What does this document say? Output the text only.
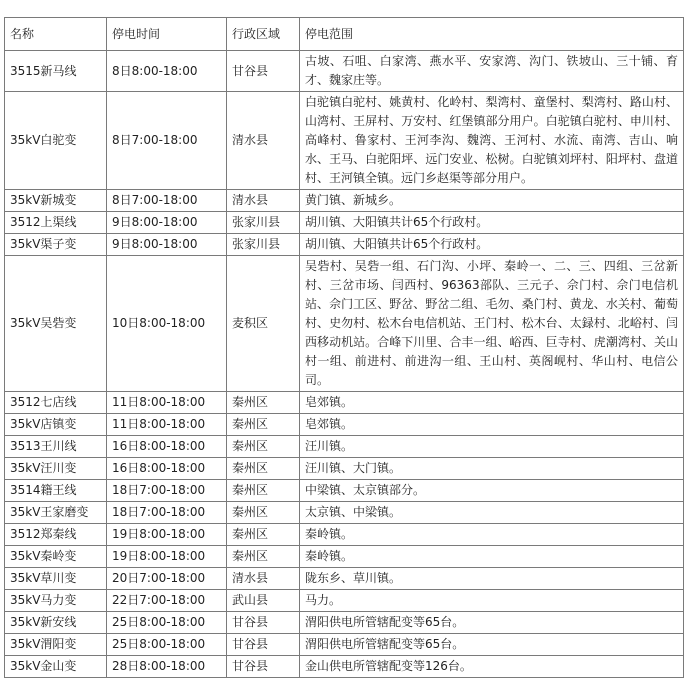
名称	停电时间	行政区域	停电范围
3515新马线	8日8:00-18:00	甘谷县	古坡、石咀、白家湾、燕水平、安家湾、沟门、铁坡山、三十铺、育才、魏家庄等。
35kV白驼变	8日7:00-18:00	清水县	白驼镇白驼村、姚黄村、化岭村、梨湾村、童堡村、梨湾村、路山村、山湾村、王屏村、万安村、红堡镇部分用户。白驼镇白驼村、申川村、高峰村、鲁家村、王河李沟、魏湾、王河村、水流、南湾、吉山、响水、王马、白驼阳坪、远门安业、松树。白驼镇刘坪村、阳坪村、盘道村、王河镇全镇。远门乡赵渠等部分用户。
35kV新城变	8日7:00-18:00	清水县	黄门镇、新城乡。
3512上渠线	9日8:00-18:00	张家川县	胡川镇、大阳镇共计65个行政村。
35kV渠子变	9日8:00-18:00	张家川县	胡川镇、大阳镇共计65个行政村。
35kV吴砦变	10日8:00-18:00	麦积区	吴砦村、吴砦一组、石门沟、小坪、秦岭一、二、三、四组、三岔新村、三岔市场、闫西村、96363部队、三元子、佘门村、佘门电信机站、佘门工区、野岔、野岔二组、毛勿、桑门村、黄龙、水关村、葡萄村、史勿村、松木台电信机站、王门村、松木台、太録村、北峪村、闫西移动机站。合峰下川里、合丰一组、峪西、巨寺村、虎潮湾村、关山村一组、前进村、前进沟一组、王山村、英阁岘村、华山村、电信公司。
3512七店线	11日8:00-18:00	秦州区	皂郊镇。
35kV店镇变	11日8:00-18:00	秦州区	皂郊镇。
3513王川线	16日8:00-18:00	秦州区	汪川镇。
35kV汪川变	16日8:00-18:00	秦州区	汪川镇、大门镇。
3514籍王线	18日7:00-18:00	秦州区	中梁镇、太京镇部分。
35kV王家磨变	18日7:00-18:00	秦州区	太京镇、中梁镇。
3512郑秦线	19日8:00-18:00	秦州区	秦岭镇。
35kV秦岭变	19日8:00-18:00	秦州区	秦岭镇。
35kV草川变	20日7:00-18:00	清水县	陇东乡、草川镇。
35kV马力变	22日7:00-18:00	武山县	马力。
35kV新安线	25日8:00-18:00	甘谷县	渭阳供电所管辖配变等65台。
35kV渭阳变	25日8:00-18:00	甘谷县	渭阳供电所管辖配变等65台。
35kV金山变	28日8:00-18:00	甘谷县	金山供电所管辖配变等126台。
